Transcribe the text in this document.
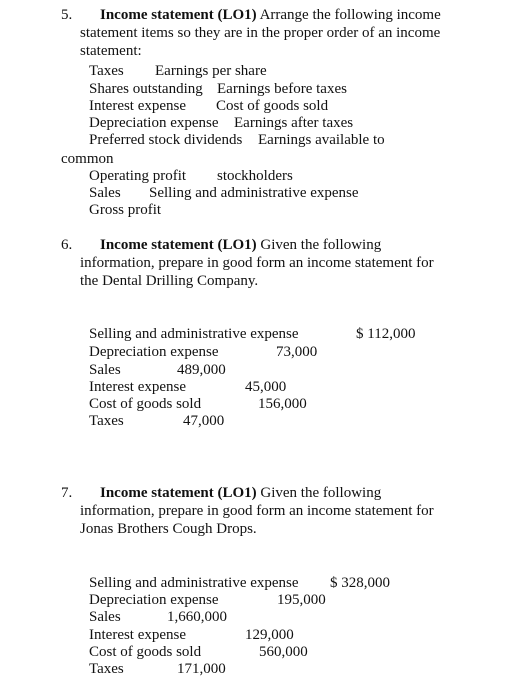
5. Income statement (LO1) Arrange the following income
statement items so they are in the proper order of an income
statement:
Taxes Earnings per share
Shares outstanding Earnings before taxes
Interest expense Cost of goods sold
Depreciation expense Earnings after taxes
Preferred stock dividends Earnings available to
common
Operating profit stockholders
Sales Selling and administrative expense
Gross profit
6. Income statement (LO1) Given the following
information, prepare in good form an income statement for
the Dental Drilling Company.
Selling and administrative expense	$ 112,000
Depreciation expense	73,000
Sales	489,000
Interest expense	45,000
Cost of goods sold	156,000
Taxes	47,000
7. Income statement (LO1) Given the following
information, prepare in good form an income statement for
Jonas Brothers Cough Drops.
Selling and administrative expense $ 328,000
Depreciation expense	195,000
Sales	1,660,000
Interest expense	129,000
Cost of goods sold	560,000
Taxes	171,000
